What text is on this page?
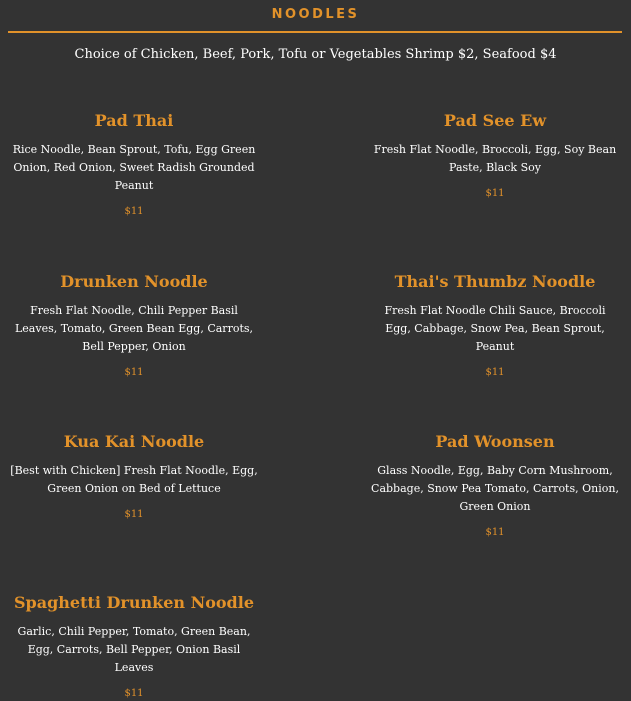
NOODLES
Choice of Chicken, Beef, Pork, Tofu or Vegetables Shrimp $2, Seafood $4

Pad Thai

Rice Noodle, Bean Sprout, Tofu, Egg Green Onion, Red Onion, Sweet Radish Grounded Peanut

$11

Pad See Ew

Fresh Flat Noodle, Broccoli, Egg, Soy Bean Paste, Black Soy

$11

Drunken Noodle

Fresh Flat Noodle, Chili Pepper Basil Leaves, Tomato, Green Bean Egg, Carrots, Bell Pepper, Onion

$11

Thai's Thumbz Noodle

Fresh Flat Noodle Chili Sauce, Broccoli Egg, Cabbage, Snow Pea, Bean Sprout, Peanut

$11

Kua Kai Noodle

[Best with Chicken] Fresh Flat Noodle, Egg, Green Onion on Bed of Lettuce

$11

Pad Woonsen

Glass Noodle, Egg, Baby Corn Mushroom, Cabbage, Snow Pea Tomato, Carrots, Onion, Green Onion

$11

Spaghetti Drunken Noodle

Garlic, Chili Pepper, Tomato, Green Bean, Egg, Carrots, Bell Pepper, Onion Basil Leaves

$11
